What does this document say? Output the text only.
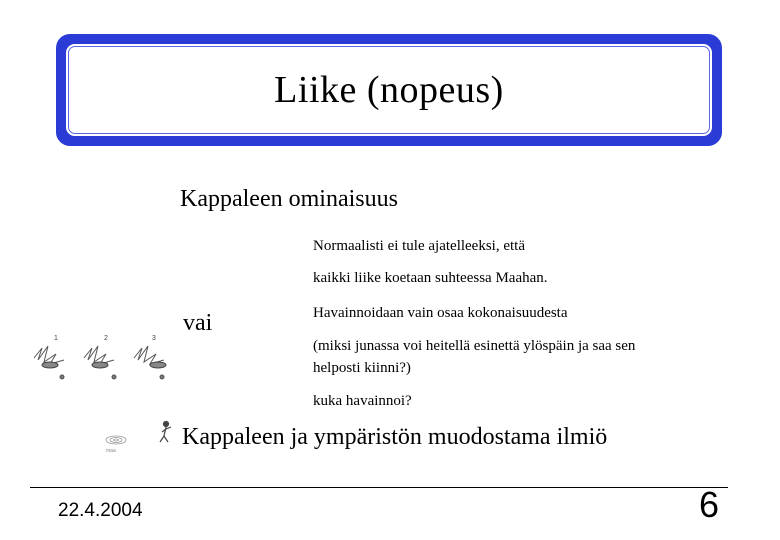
Liike (nopeus)
Kappaleen ominaisuus
Normaalisti ei tule ajatelleeksi, että
kaikki liike koetaan suhteessa Maahan.
vai	Havainnoidaan vain osaa kokonaisuudesta
(miksi junassa voi heitellä esinettä ylöspäin ja saa sen
helposti kiinni?)
kuka havainnoi?
Kappaleen ja ympäristön muodostama ilmiö
1	2	3
maa
22.4.2004	6
